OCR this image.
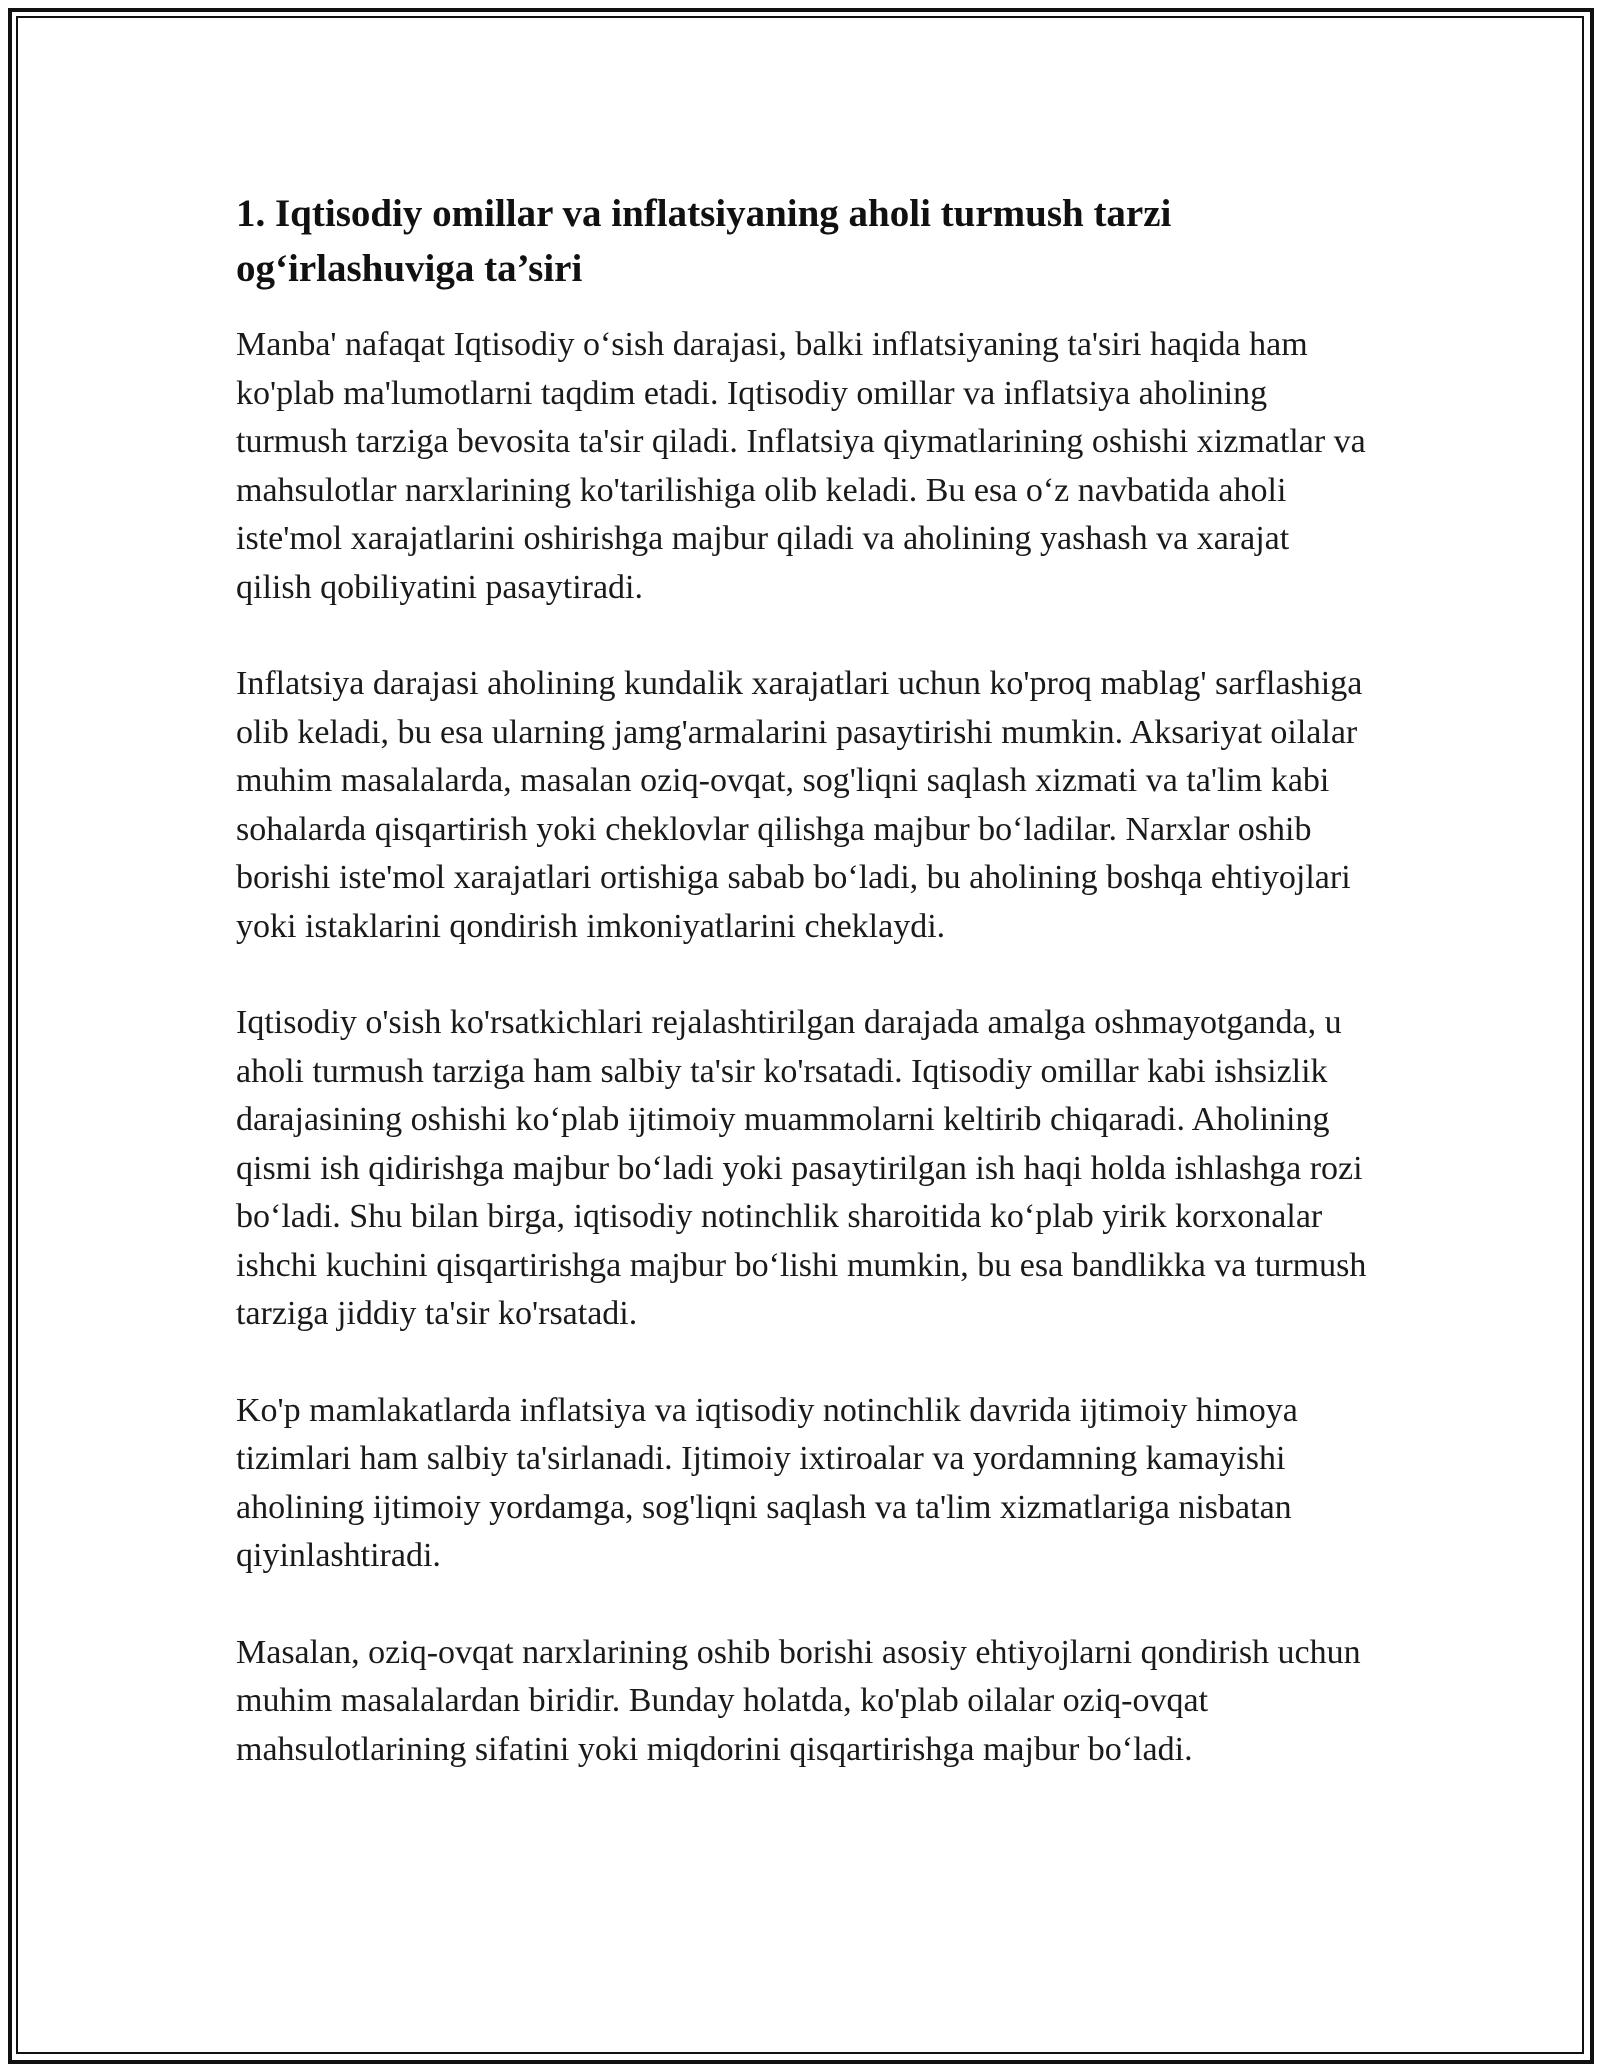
1. Iqtisodiy omillar va inflatsiyaning aholi turmush tarzi og‘irlashuviga ta’siri

Manba' nafaqat Iqtisodiy o‘sish darajasi, balki inflatsiyaning ta'siri haqida ham ko'plab ma'lumotlarni taqdim etadi. Iqtisodiy omillar va inflatsiya aholining turmush tarziga bevosita ta'sir qiladi. Inflatsiya qiymatlarining oshishi xizmatlar va mahsulotlar narxlarining ko'tarilishiga olib keladi. Bu esa o‘z navbatida aholi iste'mol xarajatlarini oshirishga majbur qiladi va aholining yashash va xarajat qilish qobiliyatini pasaytiradi.

Inflatsiya darajasi aholining kundalik xarajatlari uchun ko'proq mablag' sarflashiga olib keladi, bu esa ularning jamg'armalarini pasaytirishi mumkin. Aksariyat oilalar muhim masalalarda, masalan oziq-ovqat, sog'liqni saqlash xizmati va ta'lim kabi sohalarda qisqartirish yoki cheklovlar qilishga majbur bo‘ladilar. Narxlar oshib borishi iste'mol xarajatlari ortishiga sabab bo‘ladi, bu aholining boshqa ehtiyojlari yoki istaklarini qondirish imkoniyatlarini cheklaydi.

Iqtisodiy o'sish ko'rsatkichlari rejalashtirilgan darajada amalga oshmayotganda, u aholi turmush tarziga ham salbiy ta'sir ko'rsatadi. Iqtisodiy omillar kabi ishsizlik darajasining oshishi ko‘plab ijtimoiy muammolarni keltirib chiqaradi. Aholining qismi ish qidirishga majbur bo‘ladi yoki pasaytirilgan ish haqi holda ishlashga rozi bo‘ladi. Shu bilan birga, iqtisodiy notinchlik sharoitida ko‘plab yirik korxonalar ishchi kuchini qisqartirishga majbur bo‘lishi mumkin, bu esa bandlikka va turmush tarziga jiddiy ta'sir ko'rsatadi.

Ko'p mamlakatlarda inflatsiya va iqtisodiy notinchlik davrida ijtimoiy himoya tizimlari ham salbiy ta'sirlanadi. Ijtimoiy ixtiroalar va yordamning kamayishi aholining ijtimoiy yordamga, sog'liqni saqlash va ta'lim xizmatlariga nisbatan qiyinlashtiradi.

Masalan, oziq-ovqat narxlarining oshib borishi asosiy ehtiyojlarni qondirish uchun muhim masalalardan biridir. Bunday holatda, ko'plab oilalar oziq-ovqat mahsulotlarining sifatini yoki miqdorini qisqartirishga majbur bo‘ladi.
